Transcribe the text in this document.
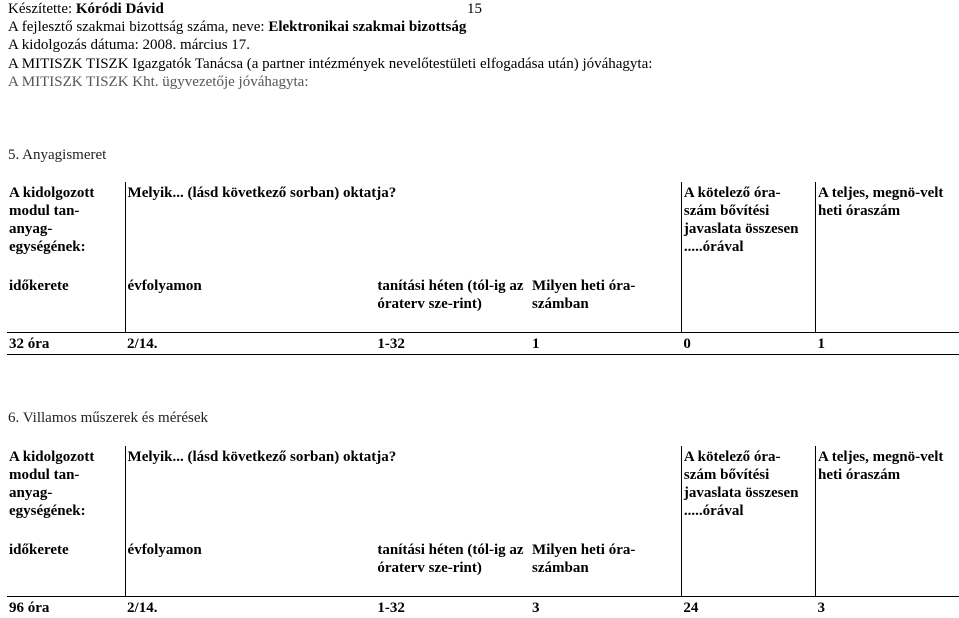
Készítette: Kóródi Dávid	15
A fejlesztő szakmai bizottság száma, neve: Elektronikai szakmai bizottság
A kidolgozás dátuma: 2008. március 17.
A MITISZK TISZK Igazgatók Tanácsa (a partner intézmények nevelőtestületi elfogadása után) jóváhagyta:
A MITISZK TISZK Kht. ügyvezetője jóváhagyta:
5. Anyagismeret
A kidolgozott modul tan-anyag-egységének:	Melyik... (lásd következő sorban) oktatja?			A kötelező óra-szám bővítési javaslata összesen .....órával	A teljes, megnö-velt heti óraszám
időkerete	évfolyamon	tanítási héten (tól-ig az óraterv sze-rint)	Milyen heti óra-számban		
32 óra	2/14.	1-32	1	0	1
6. Villamos műszerek és mérések
A kidolgozott modul tan-anyag-egységének:	Melyik... (lásd következő sorban) oktatja?			A kötelező óra-szám bővítési javaslata összesen .....órával	A teljes, megnö-velt heti óraszám
időkerete	évfolyamon	tanítási héten (tól-ig az óraterv sze-rint)	Milyen heti óra-számban		
96 óra	2/14.	1-32	3	24	3
